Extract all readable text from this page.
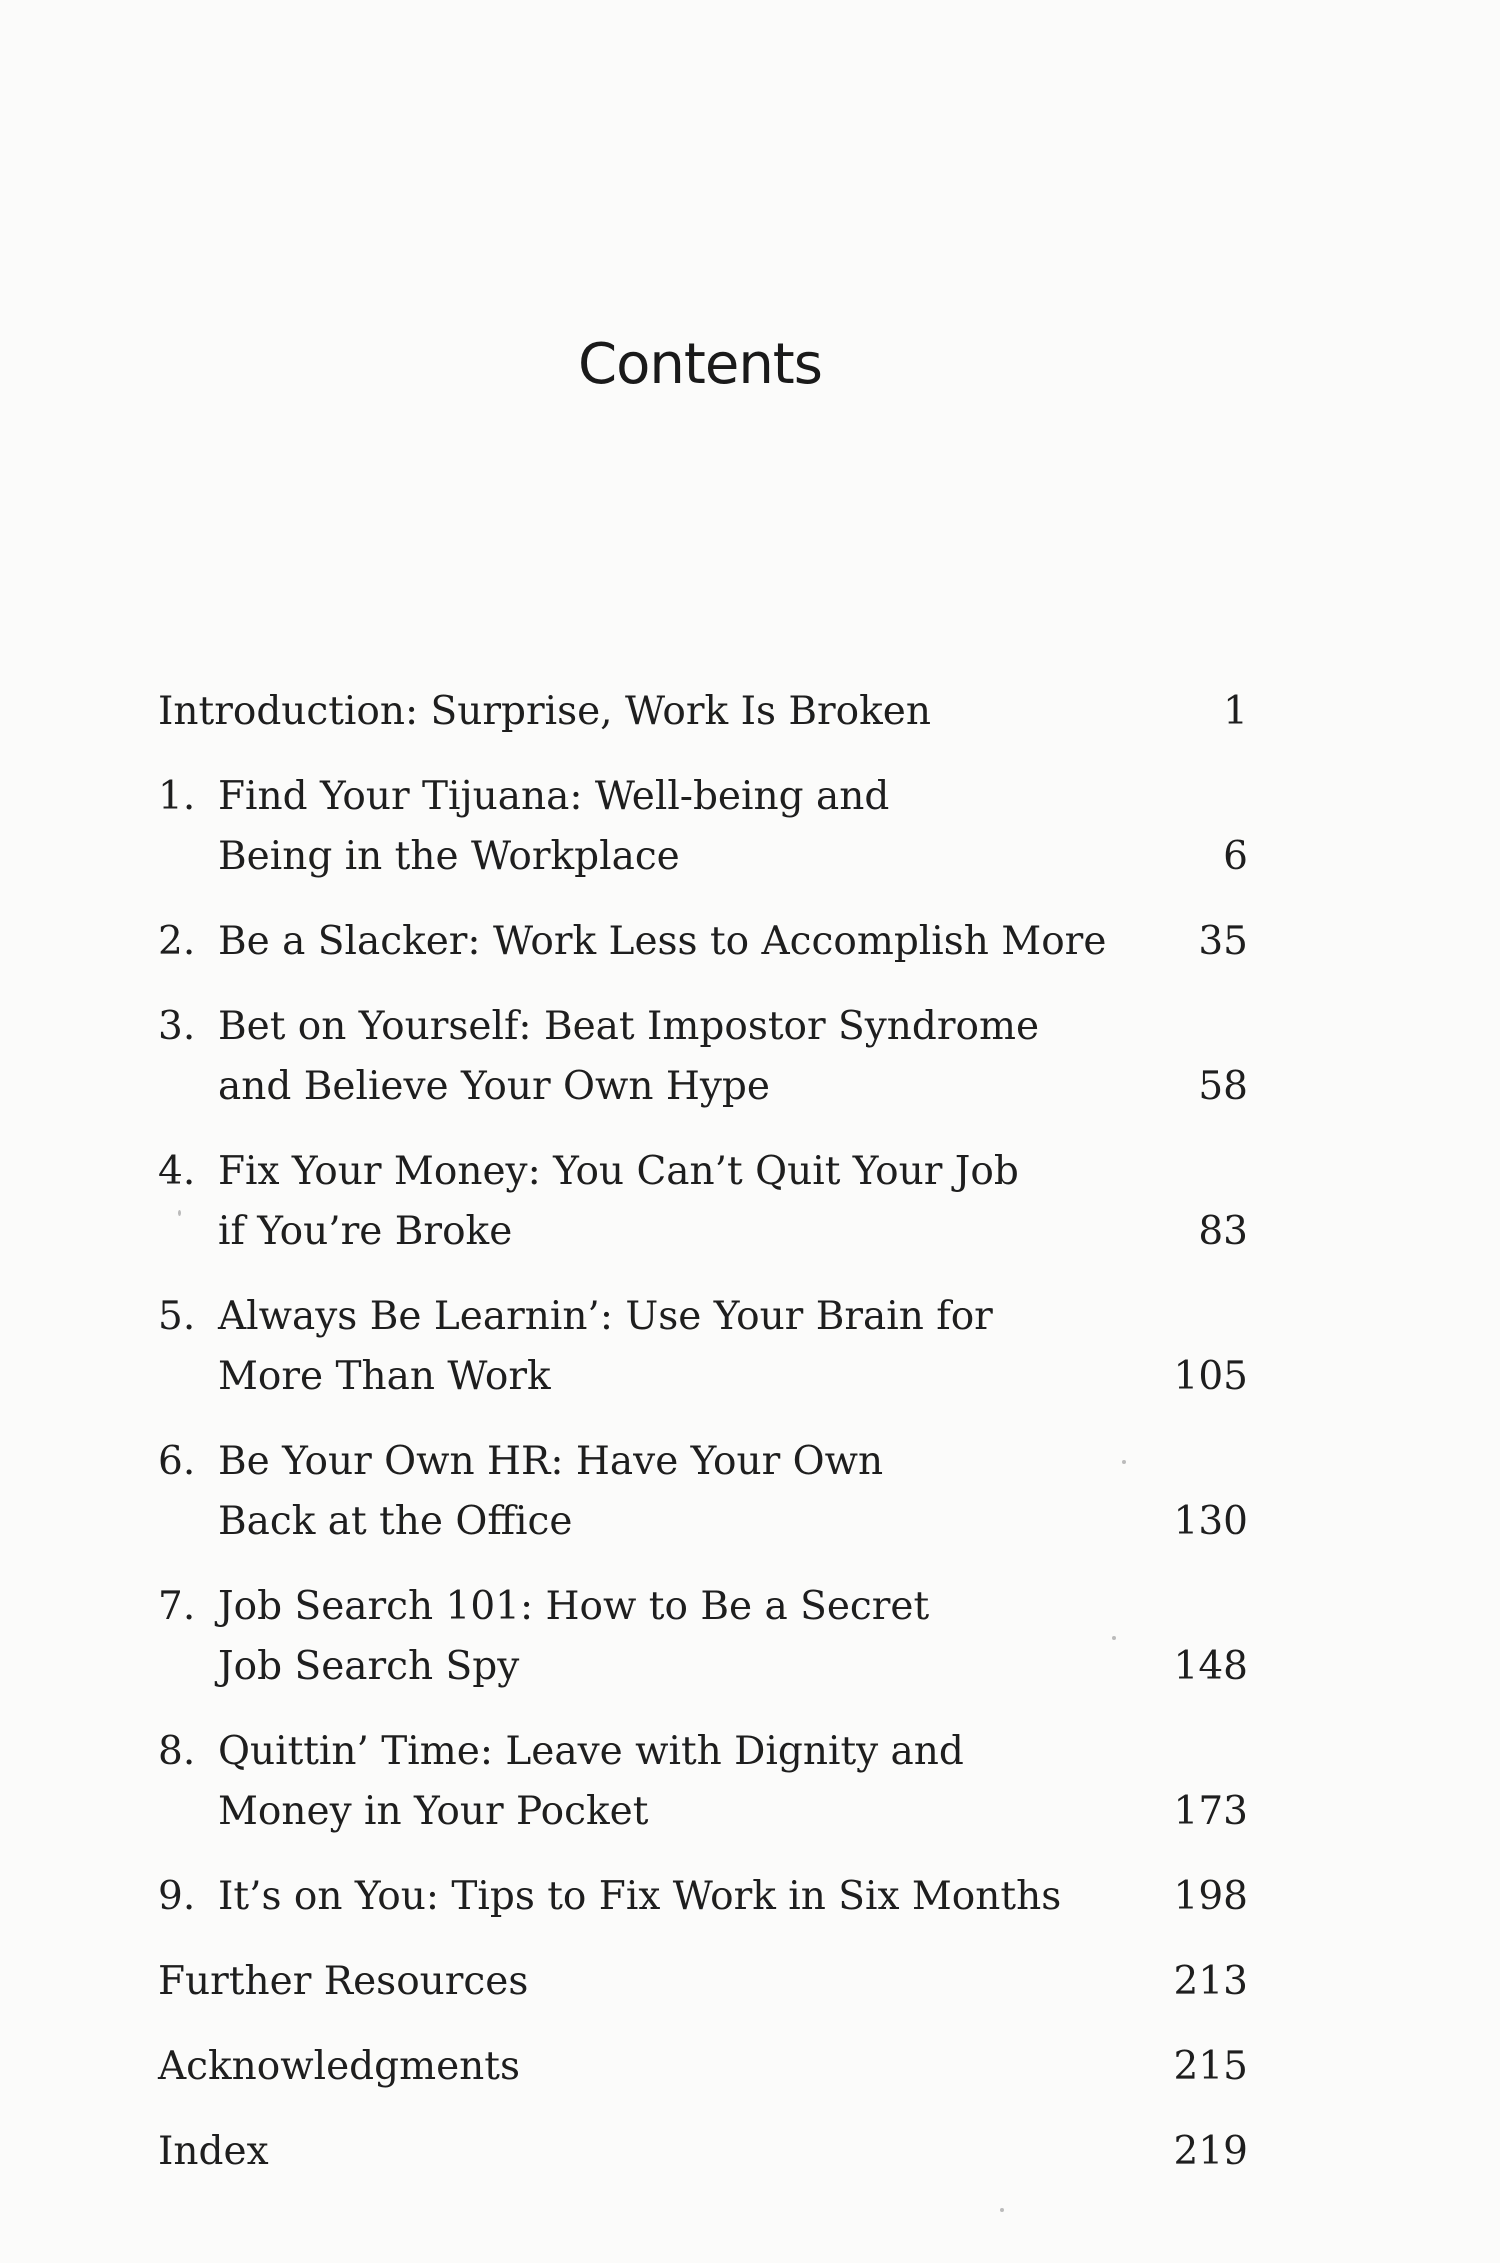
Contents
Introduction: Surprise, Work Is Broken	1
1. Find Your Tijuana: Well-being and
Being in the Workplace	6
2. Be a Slacker: Work Less to Accomplish More	35
3. Bet on Yourself: Beat Impostor Syndrome
and Believe Your Own Hype	58
4. Fix Your Money: You Can’t Quit Your Job
if You’re Broke	83
5. Always Be Learnin’: Use Your Brain for
More Than Work	105
6. Be Your Own HR: Have Your Own
Back at the Office	130
7. Job Search 101: How to Be a Secret
Job Search Spy	148
8. Quittin’ Time: Leave with Dignity and
Money in Your Pocket	173
9. It’s on You: Tips to Fix Work in Six Months	198
Further Resources	213
Acknowledgments	215
Index	219
